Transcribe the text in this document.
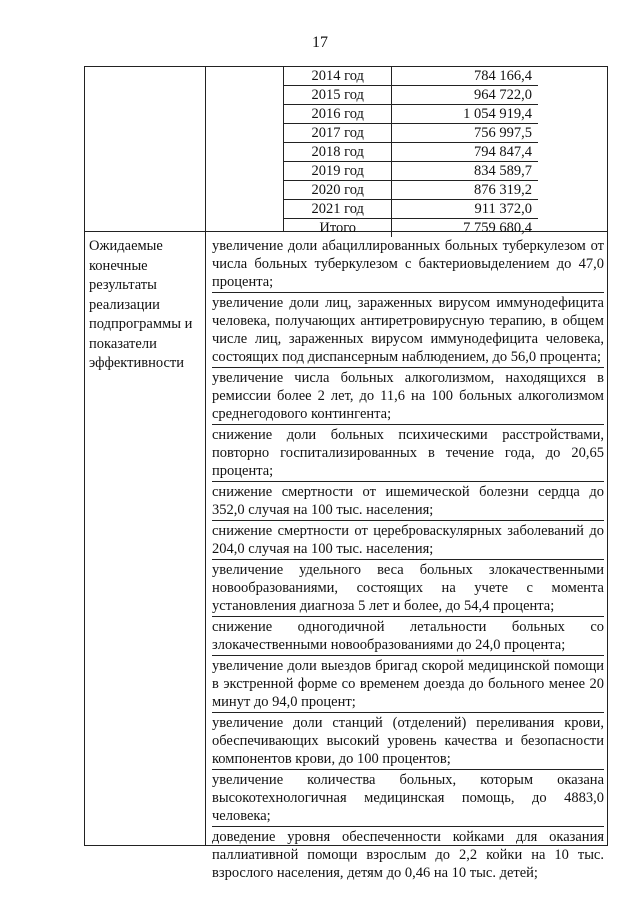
17
2014 год	784 166,4
2015 год	964 722,0
2016 год	1 054 919,4
2017 год	756 997,5
2018 год	794 847,4
2019 год	834 589,7
2020 год	876 319,2
2021 год	911 372,0
Итого	7 759 680,4
Ожидаемые
конечные
результаты
реализации
подпрограммы и
показатели
эффективности
увеличение доли абациллированных больных туберкулезом от числа больных туберкулезом с бактериовыделением до 47,0 процента;
увеличение доли лиц, зараженных вирусом иммунодефицита человека, получающих антиретровирусную терапию, в общем числе лиц, зараженных вирусом иммунодефицита человека, состоящих под диспансерным наблюдением, до 56,0 процента;
увеличение числа больных алкоголизмом, находящихся в ремиссии более 2 лет, до 11,6 на 100 больных алкоголизмом среднегодового контингента;
снижение доли больных психическими расстройствами, повторно госпитализированных в течение года, до 20,65 процента;
снижение смертности от ишемической болезни сердца до 352,0 случая на 100 тыс. населения;
снижение смертности от цереброваскулярных заболеваний до 204,0 случая на 100 тыс. населения;
увеличение удельного веса больных злокачественными новообразованиями, состоящих на учете с момента установления диагноза 5 лет и более, до 54,4 процента;
снижение одногодичной летальности больных со злокачественными новообразованиями до 24,0 процента;
увеличение доли выездов бригад скорой медицинской помощи в экстренной форме со временем доезда до больного менее 20 минут до 94,0 процент;
увеличение доли станций (отделений) переливания крови, обеспечивающих высокий уровень качества и безопасности компонентов крови, до 100 процентов;
увеличение количества больных, которым оказана высокотехнологичная медицинская помощь, до 4883,0 человека;
доведение уровня обеспеченности койками для оказания паллиативной помощи взрослым до 2,2 койки на 10 тыс. взрослого населения, детям до 0,46 на 10 тыс. детей;
